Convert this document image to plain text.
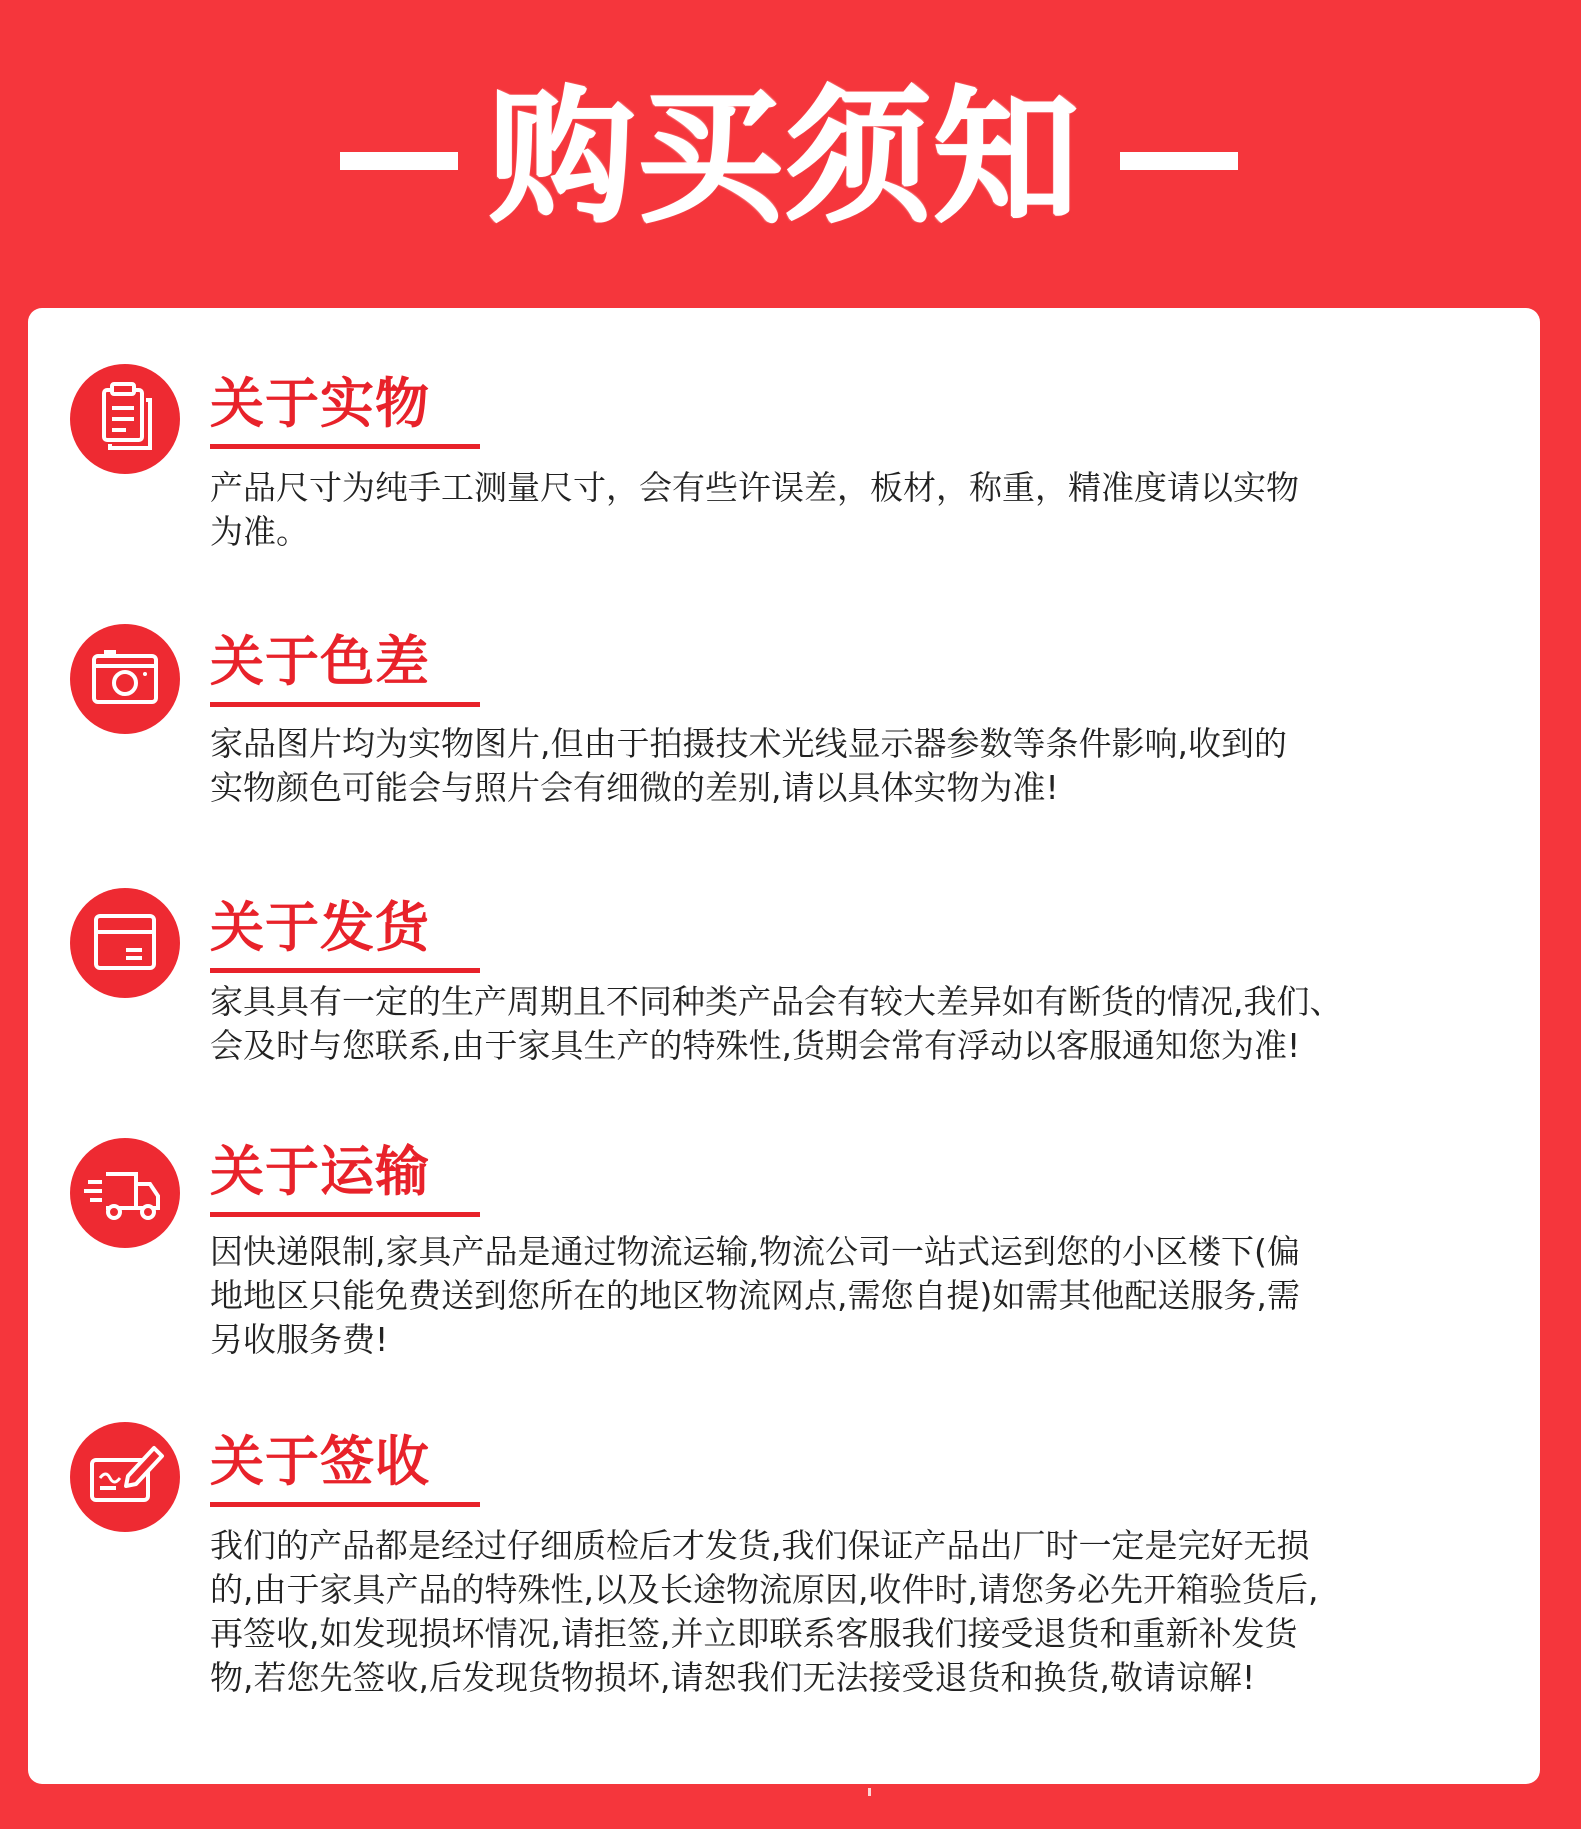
购买须知
关于实物
产品尺寸为纯手工测量尺寸，会有些许误差，板材，称重，精准度请以实物
为准。
关于色差
家品图片均为实物图片,但由于拍摄技术光线显示器参数等条件影响,收到的
实物颜色可能会与照片会有细微的差别,请以具体实物为准!
关于发货
家具具有一定的生产周期且不同种类产品会有较大差异如有断货的情况,我们、
会及时与您联系,由于家具生产的特殊性,货期会常有浮动以客服通知您为准!
关于运输
因快递限制,家具产品是通过物流运输,物流公司一站式运到您的小区楼下(偏
地地区只能免费送到您所在的地区物流网点,需您自提)如需其他配送服务,需
另收服务费!
关于签收
我们的产品都是经过仔细质检后才发货,我们保证产品出厂时一定是完好无损
的,由于家具产品的特殊性,以及长途物流原因,收件时,请您务必先开箱验货后,
再签收,如发现损坏情况,请拒签,并立即联系客服我们接受退货和重新补发货
物,若您先签收,后发现货物损坏,请恕我们无法接受退货和换货,敬请谅解!
